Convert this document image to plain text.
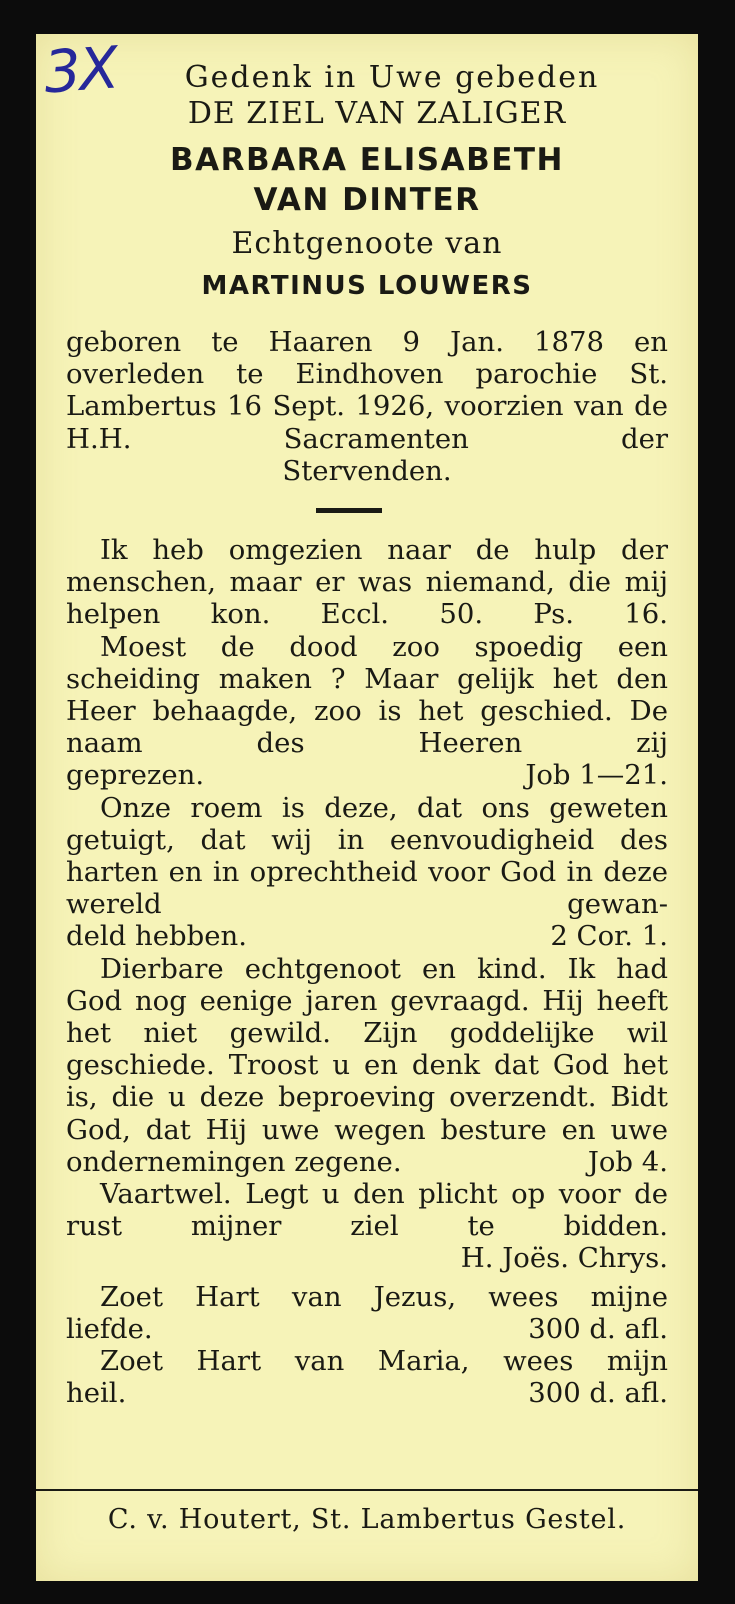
3X	Gedenk in Uwe gebeden
DE ZIEL VAN ZALIGER
BARBARA ELISABETH
VAN DINTER
Echtgenoote van
MARTINUS LOUWERS
geboren te Haaren 9 Jan. 1878 en overleden te Eindhoven parochie St. Lambertus 16 Sept. 1926, voorzien van de H.H. Sacramenten der
Stervenden.
Ik heb omgezien naar de hulp der menschen, maar er was niemand, die mij helpen kon. Eccl. 50. Ps. 16.
Moest de dood zoo spoedig een scheiding maken ? Maar gelijk het den Heer behaagde, zoo is het geschied. De naam des Heeren zij
geprezen.	Job 1—21.
Onze roem is deze, dat ons geweten getuigt, dat wij in eenvoudigheid des harten en in oprechtheid voor God in deze wereld gewan-
deld hebben.	2 Cor. 1.
Dierbare echtgenoot en kind. Ik had God nog eenige jaren gevraagd. Hij heeft het niet gewild. Zijn goddelijke wil geschiede. Troost u en denk dat God het is, die u deze beproeving overzendt. Bidt God, dat Hij uwe wegen besture en uwe
ondernemingen zegene.	Job 4.
Vaartwel. Legt u den plicht op voor de rust mijner ziel te bidden.
H. Joës. Chrys.
Zoet Hart van Jezus, wees mijne
liefde.	300 d. afl.
Zoet Hart van Maria, wees mijn
heil.	300 d. afl.
C. v. Houtert, St. Lambertus Gestel.
